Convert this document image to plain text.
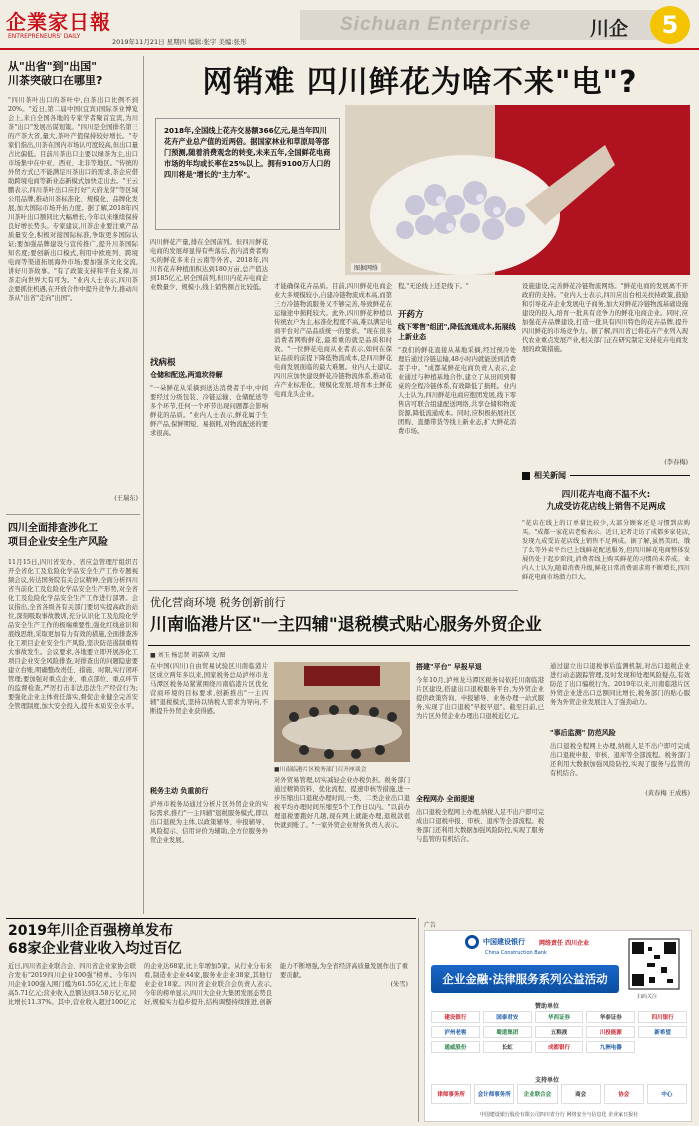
企業家日報
ENTREPRENEURS' DAILY
2019年11月21日 星期四 编辑:张宇 美编:张彤
Sichuan Enterprise	川企	5
从"出省"到"出国"
川茶突破口在哪里?
"四川茶叶出口的茶叶中,白茶出口比例不到20%。"近日,第二届中国(宜宾)国际茶业博览会上,来自全国各地的专家学者聚首宜宾,为川茶"出口"发展出谋划策。"四川是全国排名第三的产茶大省,量大,茶叶产值保持较好增长。"专家们指出,川茶在国内市场认可度较高,但出口量占比偏低。目前川茶出口主要以绿茶为主,出口市场集中在中亚、西亚、北非等地区。"传统的外贸方式已不能满足川茶出口的需求,茶企应借助跨境电商等新业态新模式加快走出去。"王云鹏表示,四川茶叶出口应打好"天府龙芽"等区域公用品牌,推动川茶标准化、规模化、品牌化发展,加大国际市场开拓力度。据了解,2018年四川茶叶出口额同比大幅增长,今年以来继续保持良好增长势头。专家建议,川茶企业要注重产品质量安全,积极对接国际标准,争取更多国际认证;要加强品牌建设与宣传推广,提升川茶国际知名度;要创新出口模式,利用中欧班列、跨境电商等渠道拓展海外市场;要加强茶文化交流,讲好川茶故事。"有了政策支持和平台支撑,川茶走向世界大有可为。"业内人士表示,四川茶企要抓住机遇,在开放合作中提升竞争力,推动川茶从"出省"走向"出国"。
(王瑞东)
四川全面排查涉化工
项目企业安全生产风险
11月15日,四川省安办、省应急管理厅组织召开全省化工及危险化学品安全生产工作专题视频会议,传达国务院有关会议精神,全面分析四川省当前化工及危险化学品安全生产形势,对全省化工及危险化学品安全生产工作进行部署。会议指出,全省各级各有关部门要切实提高政治站位,深刻吸取事故教训,充分认识化工及危险化学品安全生产工作的极端重要性,强化红线意识和底线思维,采取更加有力有效的措施,全面排查涉化工项目企业安全生产风险,坚决防范遏制重特大事故发生。会议要求,各地要立即开展涉化工项目企业安全风险排查,对排查出的问题隐患要建立台账,明确整改责任、措施、时限,实行闭环管理;要加强对重点企业、重点部位、重点环节的监督检查,严厉打击非法违法生产经营行为;要强化企业主体责任落实,督促企业健全完善安全管理制度,加大安全投入,提升本质安全水平。
网销难 四川鲜花为啥不来"电"?
2018年,全国线上花卉交易额366亿元,是当年四川花卉产业总产值的近两倍。据国家林业和草原局等部门预测,随着消费观念的转变,未来五年,全国鲜花电商市场的年均或长率在25%以上。拥有9100万人口的四川将是"增长的"主力军"。
图据网络
四川鲜花产量,排在全国前列。但四川鲜花电商的发展却显得有些落后,省内消费者购买的鲜花多来自云南等外省。2018年,四川省花卉种植面积达到180万亩,总产值达到185亿元,居全国前列,但川内花卉电商企业数量少、规模小,线上销售额占比较低。
找病根
仓储和配送,两道坎待解
"一朵鲜花从采摘到送达消费者手中,中间要经过分级包装、冷链运输、仓储配送等多个环节,任何一个环节出现问题都会影响鲜花的品质。"业内人士表示,鲜花属于生鲜产品,保鲜期短、易损耗,对物流配送的要求很高。
才能确保花卉品质。目前,四川鲜花电商企业大多规模较小,自建冷链物流成本高,而第三方冷链物流服务又不够完善,导致鲜花在运输途中损耗较大。此外,四川鲜花种植以传统农户为主,标准化程度不高,难以满足电商平台对产品品质统一的要求。"现在很多消费者网购鲜花,最看重的就是品质和时效。"一位鲜花电商从业者表示,如何在保证品质的前提下降低物流成本,是四川鲜花电商发展面临的最大难题。业内人士建议,四川应加快建设鲜花冷链物流体系,推动花卉产业标准化、规模化发展,培育本土鲜花电商龙头企业。
程,"无论线上还是线下。"
开药方
线下零售"组团",降低流通成本,拓展线上新业态
"我们的鲜花直接从基地采摘,经过预冷处理后通过冷链运输,48小时内就能送到消费者手中。"成都某鲜花电商负责人表示,企业通过与种植基地合作,建立了从田间到餐桌的全程冷链体系,有效降低了损耗。业内人士认为,四川鲜花电商应抱团发展,线下零售店可联合组建配送网络,共享仓储和物流资源,降低流通成本。同时,应积极拓展社区团购、直播带货等线上新业态,扩大鲜花消费市场。
设施建设,完善鲜花冷链物流网络。"鲜花电商的发展离不开政府的支持。"业内人士表示,四川应出台相关扶持政策,鼓励和引导花卉企业发展电子商务,加大对鲜花冷链物流基础设施建设的投入,培育一批具有竞争力的鲜花电商企业。同时,应加强花卉品牌建设,打造一批具有四川特色的花卉品牌,提升四川鲜花的市场竞争力。据了解,四川省已将花卉产业列入现代农业重点发展产业,相关部门正在研究制定支持花卉电商发展的政策措施。
(李春梅)
相关新闻
四川花卉电商不温不火:
九成受访花店线上销售不足两成
"花店在线上的订单量比较少,大部分顾客还是习惯到店购买。"成都一家花店老板表示。近日,记者走访了成都多家花店,发现九成受访花店线上销售不足两成。据了解,虽然美团、饿了么等外卖平台已上线鲜花配送服务,但四川鲜花电商整体发展仍处于起步阶段,消费者线上购买鲜花的习惯尚未养成。业内人士认为,随着消费升级,鲜花日常消费需求将不断增长,四川鲜花电商市场潜力巨大。
(黄春梅 王成栋)
优化营商环境 税务创新前行
川南临港片区"一主四辅"退税模式贴心服务外贸企业
■ 刘玉 杨忠贤 胡嘉瑛 文/图
在中国(四川)自由贸易试验区川南临港片区成立两年多以来,国家税务总局泸州市龙马潭区税务局紧紧围绕川南临港片区优化营商环境的目标要求,创新推出"一主四辅"退税模式,坚持以纳税人需求为导向,不断提升外贸企业获得感。
税务主动 负重前行
泸州市税务局通过分析片区外贸企业的实际需求,推行"一主四辅"退税服务模式,即以出口退税为主体,以政策辅导、申报辅导、风险提示、信用评价为辅助,全方位服务外贸企业发展。
■川南临港片区税务部门召开座谈会
对外贸易管理,切实减轻企业办税负担。税务部门通过精简资料、优化流程、提速审核等措施,进一步压缩出口退税办理时间,一类、二类企业出口退税平均办理时间压缩至5个工作日以内。"以前办理退税要跑好几趟,现在网上就能办理,退税款很快就到账了。"一家外贸企业财务负责人表示。
搭建"平台" 早报早退
今年10月,泸州龙马潭区税务局依托川南临港片区建设,搭建出口退税服务平台,为外贸企业提供政策咨询、申报辅导、业务办理一站式服务,实现了出口退税"早报早退"。截至目前,已为片区外贸企业办理出口退税近亿元。
全程网办 全面提速
出口退税全程网上办理,纳税人足不出户即可完成出口退税申报、审核、退库等全部流程。税务部门还利用大数据加强风险防控,实现了服务与监管的有机结合。
通过建立出口退税事后监测机制,对出口退税企业进行动态跟踪管理,及时发现和处理风险疑点,有效防范了出口骗税行为。2019年以来,川南临港片区外贸企业进出口总额同比增长,税务部门的贴心服务为外贸企业发展注入了强劲动力。
"事后监测" 防范风险
出口退税全程网上办理,纳税人足不出户即可完成出口退税申报、审核、退库等全部流程。税务部门还利用大数据加强风险防控,实现了服务与监管的有机结合。
2019年川企百强榜单发布
68家企业营业收入均过百亿
近日,四川省企业联合会、四川省企业家协会联合发布"2019四川企业100强"榜单。今年四川企业100强入围门槛为61.55亿元,比上年提高5.71亿元;营业收入总额达到3.58万亿元,同比增长11.37%。其中,营业收入超过100亿元的企业达68家,比上年增加5家。从行业分布来看,制造业企业44家,服务业企业38家,其他行业企业18家。四川省企业联合会负责人表示,今年的榜单显示,四川大企业大集团发展态势良好,规模实力稳步提升,结构调整持续推进,创新能力不断增强,为全省经济高质量发展作出了重要贡献。
(朱雪)
广告
中国建设银行 网络责任 四川企业
China Construction Bank
企业金融·法律服务系列公益活动
扫码关注
赞助单位
建设银行	国泰君安	华西证券	华泰证券	四川银行
泸州老窖	蜀道集团	五粮液	川投能源	新希望
通威股份	长虹	成都银行	九洲电器
支持单位
律师事务所	会计师事务所	企业联合会	商会	协会	中心
中国建设银行股份有限公司四川省分行 网络安全与信息化 企业家日报社
